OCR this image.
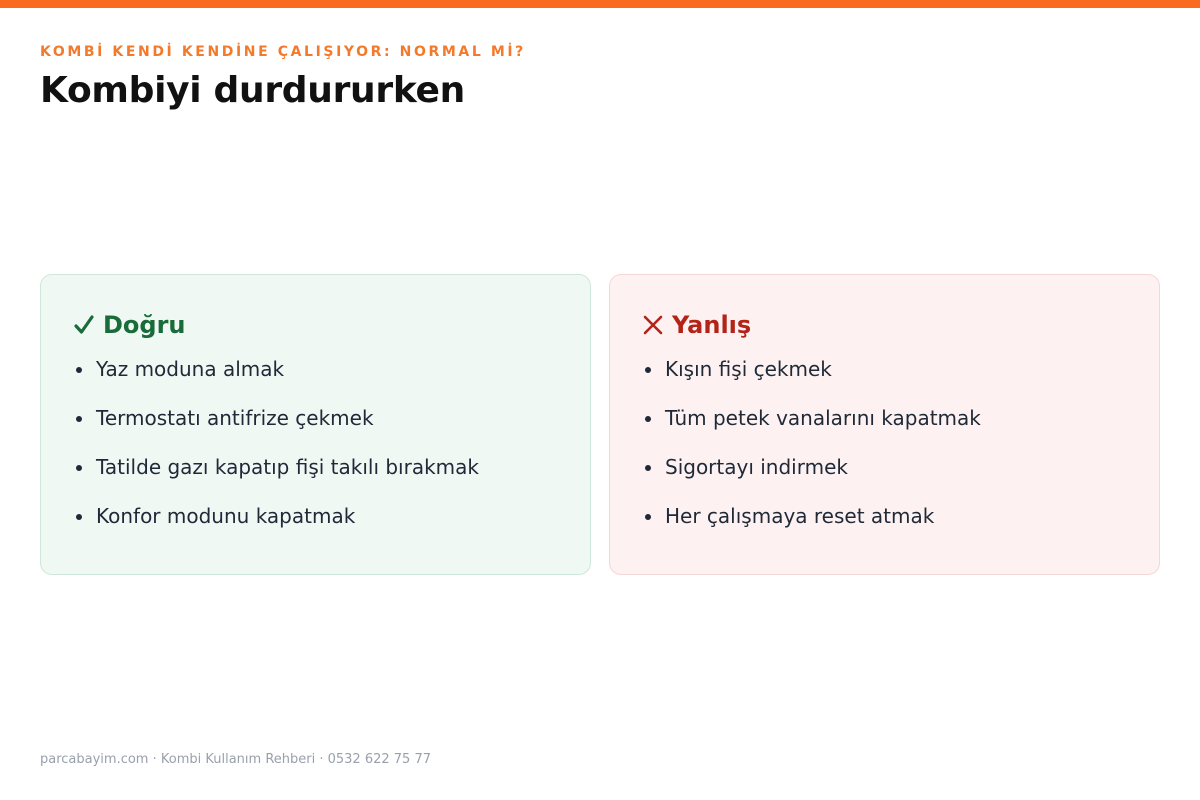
KOMBİ KENDİ KENDİNE ÇALIŞIYOR: NORMAL Mİ?
Kombiyi durdururken
Doğru
Yaz moduna almak
Termostatı antifrize çekmek
Tatilde gazı kapatıp fişi takılı bırakmak
Konfor modunu kapatmak
Yanlış
Kışın fişi çekmek
Tüm petek vanalarını kapatmak
Sigortayı indirmek
Her çalışmaya reset atmak
parcabayim.com · Kombi Kullanım Rehberi · 0532 622 75 77
